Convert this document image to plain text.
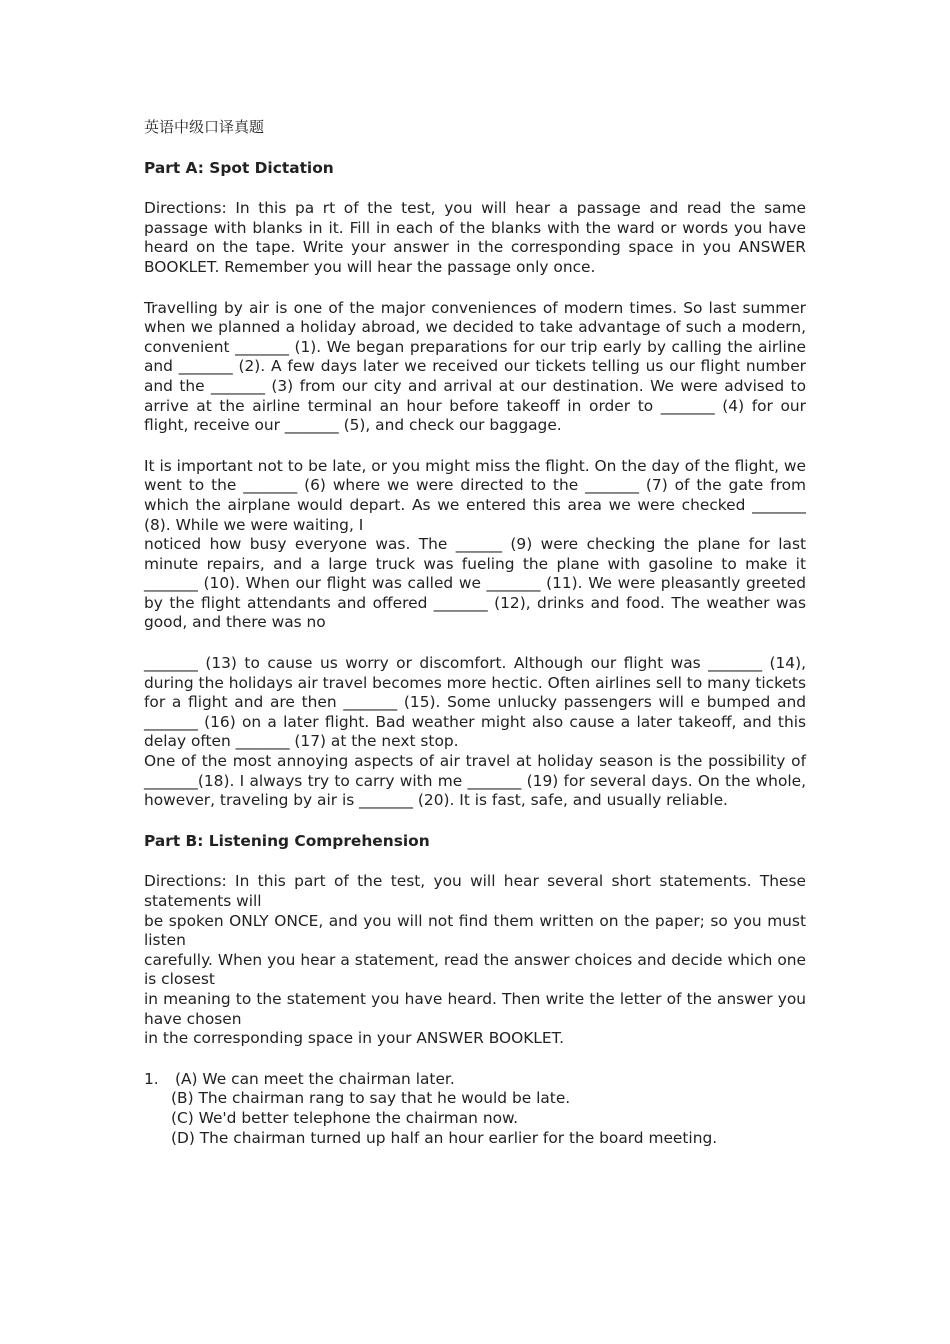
英语中级口译真题

Part A: Spot Dictation

Directions: In this pa rt of the test, you will hear a passage and read the same passage with blanks in it. Fill in each of the blanks with the ward or words you have heard on the tape. Write your answer in the corresponding space in you ANSWER BOOKLET. Remember you will hear the passage only once.

Travelling by air is one of the major conveniences of modern times. So last summer when we planned a holiday abroad, we decided to take advantage of such a modern, convenient _______ (1). We began preparations for our trip early by calling the airline and _______ (2). A few days later we received our tickets telling us our flight number and the _______ (3) from our city and arrival at our destination. We were advised to arrive at the airline terminal an hour before takeoff in order to _______ (4) for our flight, receive our _______ (5), and check our baggage.

It is important not to be late, or you might miss the flight. On the day of the flight, we went to the _______ (6) where we were directed to the _______ (7) of the gate from which the airplane would depart. As we entered this area we were checked _______ (8). While we were waiting, I
noticed how busy everyone was. The ______ (9) were checking the plane for last minute repairs, and a large truck was fueling the plane with gasoline to make it _______ (10). When our flight was called we _______ (11). We were pleasantly greeted by the flight attendants and offered _______ (12), drinks and food. The weather was good, and there was no

_______ (13) to cause us worry or discomfort. Although our flight was _______ (14), during the holidays air travel becomes more hectic. Often airlines sell to many tickets for a flight and are then _______ (15). Some unlucky passengers will e bumped and _______ (16) on a later flight. Bad weather might also cause a later takeoff, and this delay often _______ (17) at the next stop.

One of the most annoying aspects of air travel at holiday season is the possibility of _______(18). I always try to carry with me _______ (19) for several days. On the whole, however, traveling by air is _______ (20). It is fast, safe, and usually reliable.

Part B: Listening Comprehension

Directions: In this part of the test, you will hear several short statements. These statements will
be spoken ONLY ONCE, and you will not find them written on the paper; so you must listen
carefully. When you hear a statement, read the answer choices and decide which one is closest
in meaning to the statement you have heard. Then write the letter of the answer you have chosen
in the corresponding space in your ANSWER BOOKLET.

1. (A) We can meet the chairman later.

(B) The chairman rang to say that he would be late.

(C) We'd better telephone the chairman now.

(D) The chairman turned up half an hour earlier for the board meeting.
